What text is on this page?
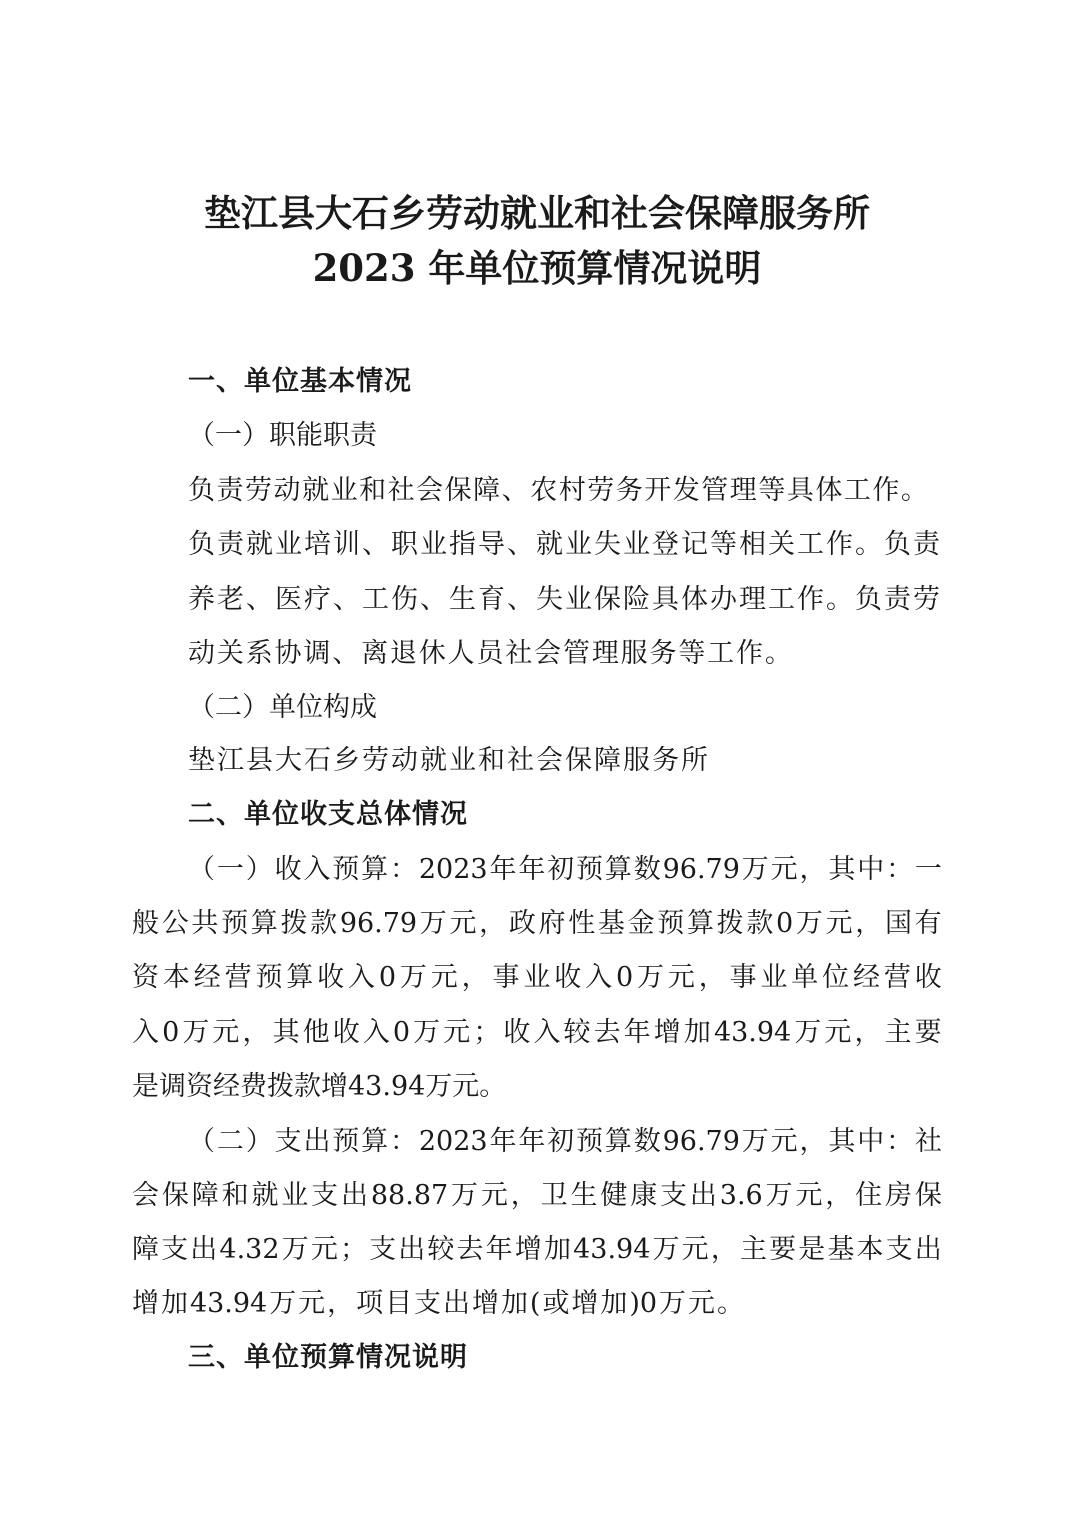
垫江县大石乡劳动就业和社会保障服务所
2023 年单位预算情况说明
一、单位基本情况
（一）职能职责
负 责 劳 动 就 业 和 社 会 保 障 、 农 村 劳 务 开 发 管 理 等 具 体 工 作 。
负 责 就 业 培 训 、 职 业 指 导 、 就 业 失 业 登 记 等 相 关 工 作 。 负 责
养 老 、 医 疗 、 工 伤 、 生 育 、 失 业 保 险 具 体 办 理 工 作 。 负 责 劳
动 关 系 协 调 、 离 退 休 人 员 社 会 管 理 服 务 等 工 作 。
（二）单位构成
垫 江 县 大 石 乡 劳 动 就 业 和 社 会 保 障 服 务 所
二、单位收支总体情况
（ 一 ） 收 入 预 算 ： 2023 年 年 初 预 算 数 96.79 万 元 ， 其 中 ： 一
般 公 共 预 算 拨 款 96.79 万 元 ， 政 府 性 基 金 预 算 拨 款 0 万 元 ， 国 有
资 本 经 营 预 算 收 入 0 万 元 ， 事 业 收 入 0 万 元 ， 事 业 单 位 经 营 收
入 0 万 元 ， 其 他 收 入 0 万 元 ； 收 入 较 去 年 增 加 43.94 万 元 ， 主 要
是 调 资 经 费 拨 款 增 43.94 万 元 。
（ 二 ） 支 出 预 算 ： 2023 年 年 初 预 算 数 96.79 万 元 ， 其 中 ： 社
会 保 障 和 就 业 支 出 88.87 万 元 ， 卫 生 健 康 支 出 3.6 万 元 ， 住 房 保
障 支 出 4.32 万 元 ； 支 出 较 去 年 增 加 43.94 万 元 ， 主 要 是 基 本 支 出
增 加 43.94 万 元 ， 项 目 支 出 增 加 ( 或 增 加 )0 万 元 。
三、单位预算情况说明
